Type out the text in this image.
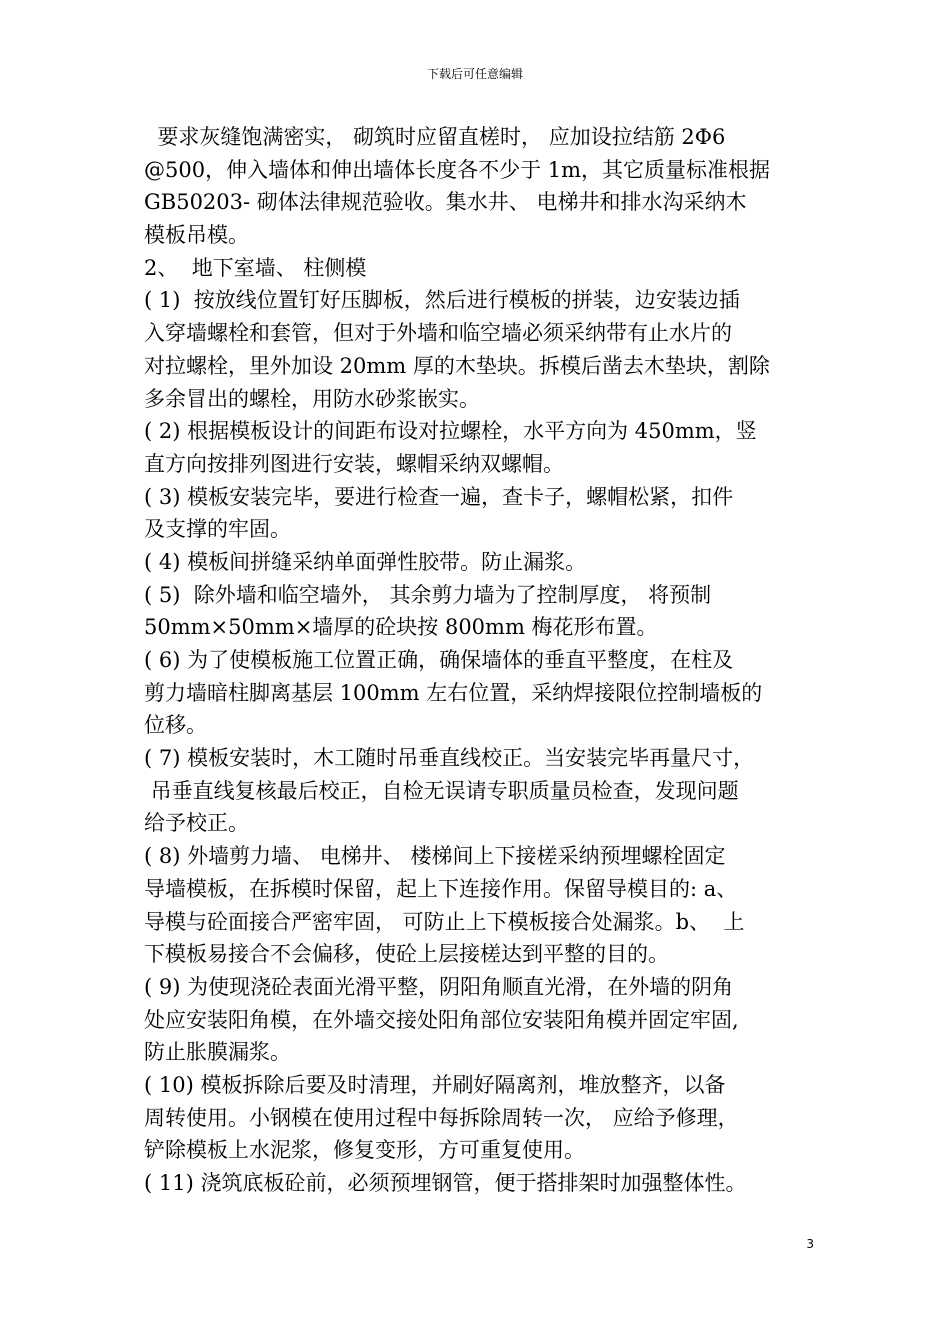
下载后可任意编辑
要求灰缝饱满密实， 砌筑时应留直槎时， 应加设拉结筋 2Φ6
@500，伸入墙体和伸出墙体长度各不少于 1m，其它质量标准根据
GB50203- 砌体法律规范验收。集水井、 电梯井和排水沟采纳木
模板吊模。
2、  地下室墙、 柱侧模
( 1)  按放线位置钉好压脚板，然后进行模板的拼装，边安装边插
入穿墙螺栓和套管，但对于外墙和临空墙必须采纳带有止水片的
对拉螺栓，里外加设 20mm 厚的木垫块。拆模后凿去木垫块，割除
多余冒出的螺栓，用防水砂浆嵌实。
( 2) 根据模板设计的间距布设对拉螺栓，水平方向为 450mm，竖
直方向按排列图进行安装，螺帽采纳双螺帽。
( 3) 模板安装完毕，要进行检查一遍，查卡子，螺帽松紧，扣件
及支撑的牢固。
( 4) 模板间拼缝采纳单面弹性胶带。防止漏浆。
( 5)  除外墙和临空墙外， 其余剪力墙为了控制厚度， 将预制
50mm×50mm×墙厚的砼块按 800mm 梅花形布置。
( 6) 为了使模板施工位置正确，确保墙体的垂直平整度，在柱及
剪力墙暗柱脚离基层 100mm 左右位置，采纳焊接限位控制墙板的
位移。
( 7) 模板安装时，木工随时吊垂直线校正。当安装完毕再量尺寸，
吊垂直线复核最后校正，自检无误请专职质量员检查，发现问题
给予校正。
( 8) 外墙剪力墙、 电梯井、 楼梯间上下接槎采纳预埋螺栓固定
导墙模板，在拆模时保留，起上下连接作用。保留导模目的: a、
导模与砼面接合严密牢固， 可防止上下模板接合处漏浆。b、  上
下模板易接合不会偏移，使砼上层接槎达到平整的目的。
( 9) 为使现浇砼表面光滑平整，阴阳角顺直光滑，在外墙的阴角
处应安装阳角模，在外墙交接处阳角部位安装阳角模并固定牢固,
防止胀膜漏浆。
( 10) 模板拆除后要及时清理，并刷好隔离剂，堆放整齐，以备
周转使用。小钢模在使用过程中每拆除周转一次， 应给予修理，
铲除模板上水泥浆，修复变形，方可重复使用。
( 11) 浇筑底板砼前，必须预埋钢管，便于搭排架时加强整体性。
3
